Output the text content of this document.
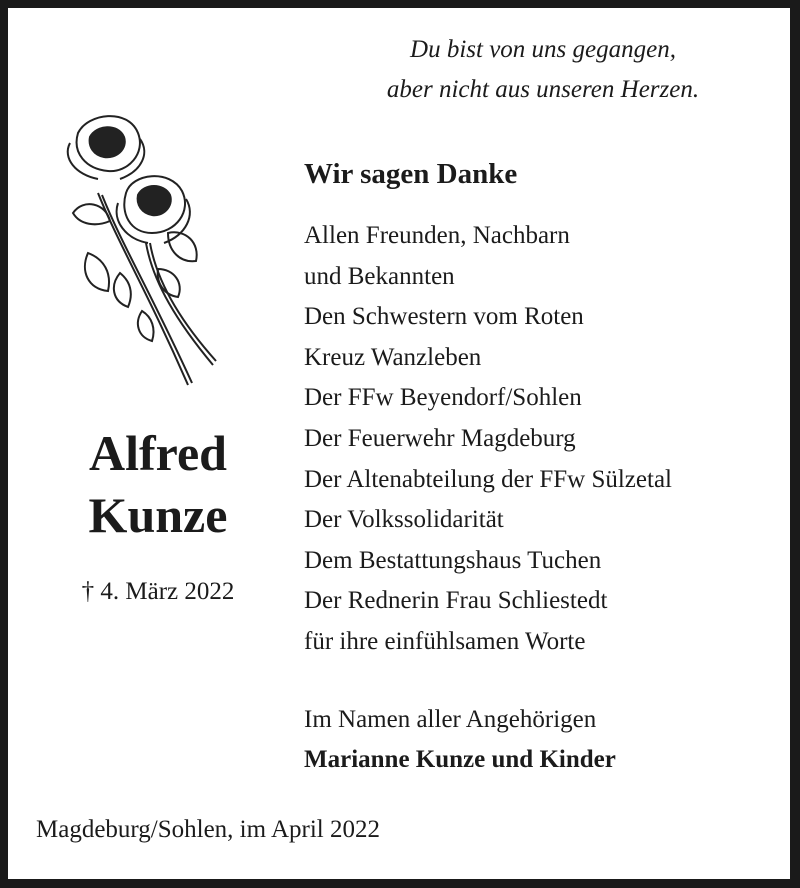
Du bist von uns gegangen,
aber nicht aus unseren Herzen.
Alfred
Kunze
† 4. März 2022
Wir sagen Danke
Allen Freunden, Nachbarn
und Bekannten
Den Schwestern vom Roten
Kreuz Wanzleben
Der FFw Beyendorf/Sohlen
Der Feuerwehr Magdeburg
Der Altenabteilung der FFw Sülzetal
Der Volkssolidarität
Dem Bestattungshaus Tuchen
Der Rednerin Frau Schliestedt
für ihre einfühlsamen Worte
Im Namen aller Angehörigen
Marianne Kunze und Kinder
Magdeburg/Sohlen, im April 2022
